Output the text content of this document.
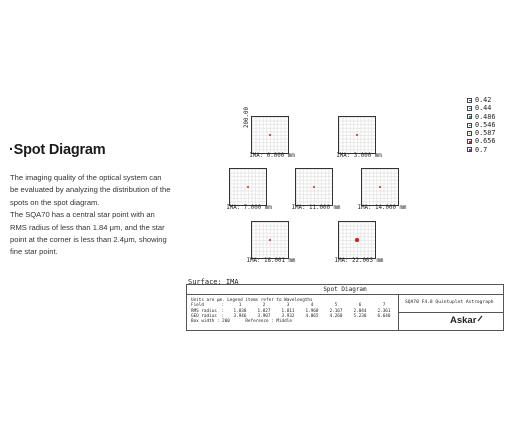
·Spot Diagram

The imaging quality of the optical system can be evaluated by analyzing the distribution of the spots on the spot diagram.

The SQA70 has a central star point with an RMS radius of less than 1.84 μm, and the star point at the corner is less than 2.4μm, showing fine star point.

200.00
IMA: 0.000 mm	IMA: 3.000 mm
IMA: 7.000 mm	IMA: 11.000 mm	IMA: 14.000 mm
IMA: 18.001 mm	IMA: 22.003 mm
0.42
0.44
0.486
0.546
0.587
0.656
0.7
Surface: IMA
Spot Diagram
Units are µm. Legend items refer to Wavelengths
Field	:	1	2	3	4	5	6	7
RMS radius	:	1.838	1.827	1.811	1.968	2.167	2.044	2.361
GEO radius	:	3.946	3.907	3.932	4.065	4.260	5.230	6.640
Box width : 200	Reference : Middle
SQA70 F4.8 Quintuplet Astrograph
Askar
